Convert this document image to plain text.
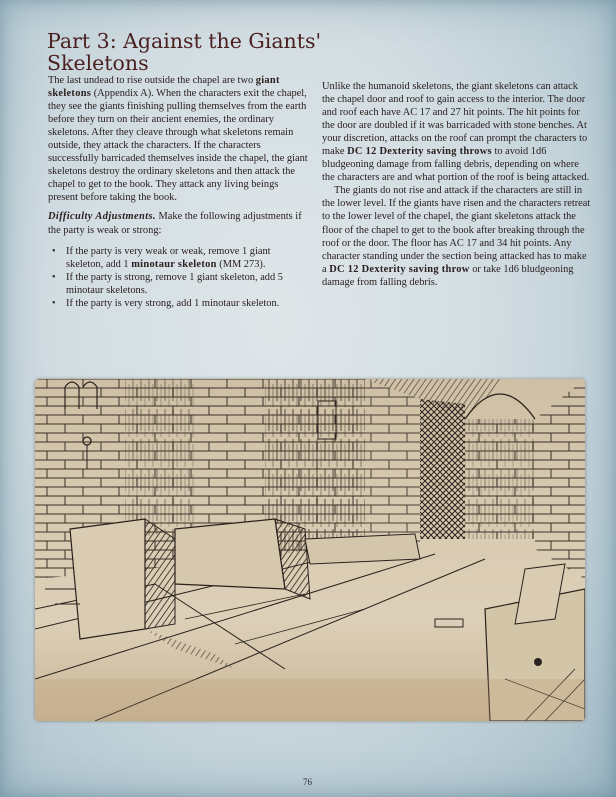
Part 3: Against the Giants' Skeletons

The last undead to rise outside the chapel are two giant skeletons (Appendix A). When the characters exit the chapel, they see the giants finishing pulling themselves from the earth before they turn on their ancient enemies, the ordinary skeletons. After they cleave through what skeletons remain outside, they attack the characters. If the characters successfully barricaded themselves inside the chapel, the giant skeletons destroy the ordinary skeletons and then attack the chapel to get to the book. They attack any living beings present before taking the book.

Difficulty Adjustments. Make the following adjustments if the party is weak or strong:

• If the party is very weak or weak, remove 1 giant skeleton, add 1 minotaur skeleton (MM 273).
• If the party is strong, remove 1 giant skeleton, add 5 minotaur skeletons.
• If the party is very strong, add 1 minotaur skeleton.

Unlike the humanoid skeletons, the giant skeletons can attack the chapel door and roof to gain access to the interior. The door and roof each have AC 17 and 27 hit points. The hit points for the door are doubled if it was barricaded with stone benches. At your discretion, attacks on the roof can prompt the characters to make DC 12 Dexterity saving throws to avoid 1d6 bludgeoning damage from falling debris, depending on where the characters are and what portion of the roof is being attacked.

The giants do not rise and attack if the characters are still in the lower level. If the giants have risen and the characters retreat to the lower level of the chapel, the giant skeletons attack the floor of the chapel to get to the book after breaking through the roof or the door. The floor has AC 17 and 34 hit points. Any character standing under the section being attacked has to make a DC 12 Dexterity saving throw or take 1d6 bludgeoning damage from falling debris.

76
